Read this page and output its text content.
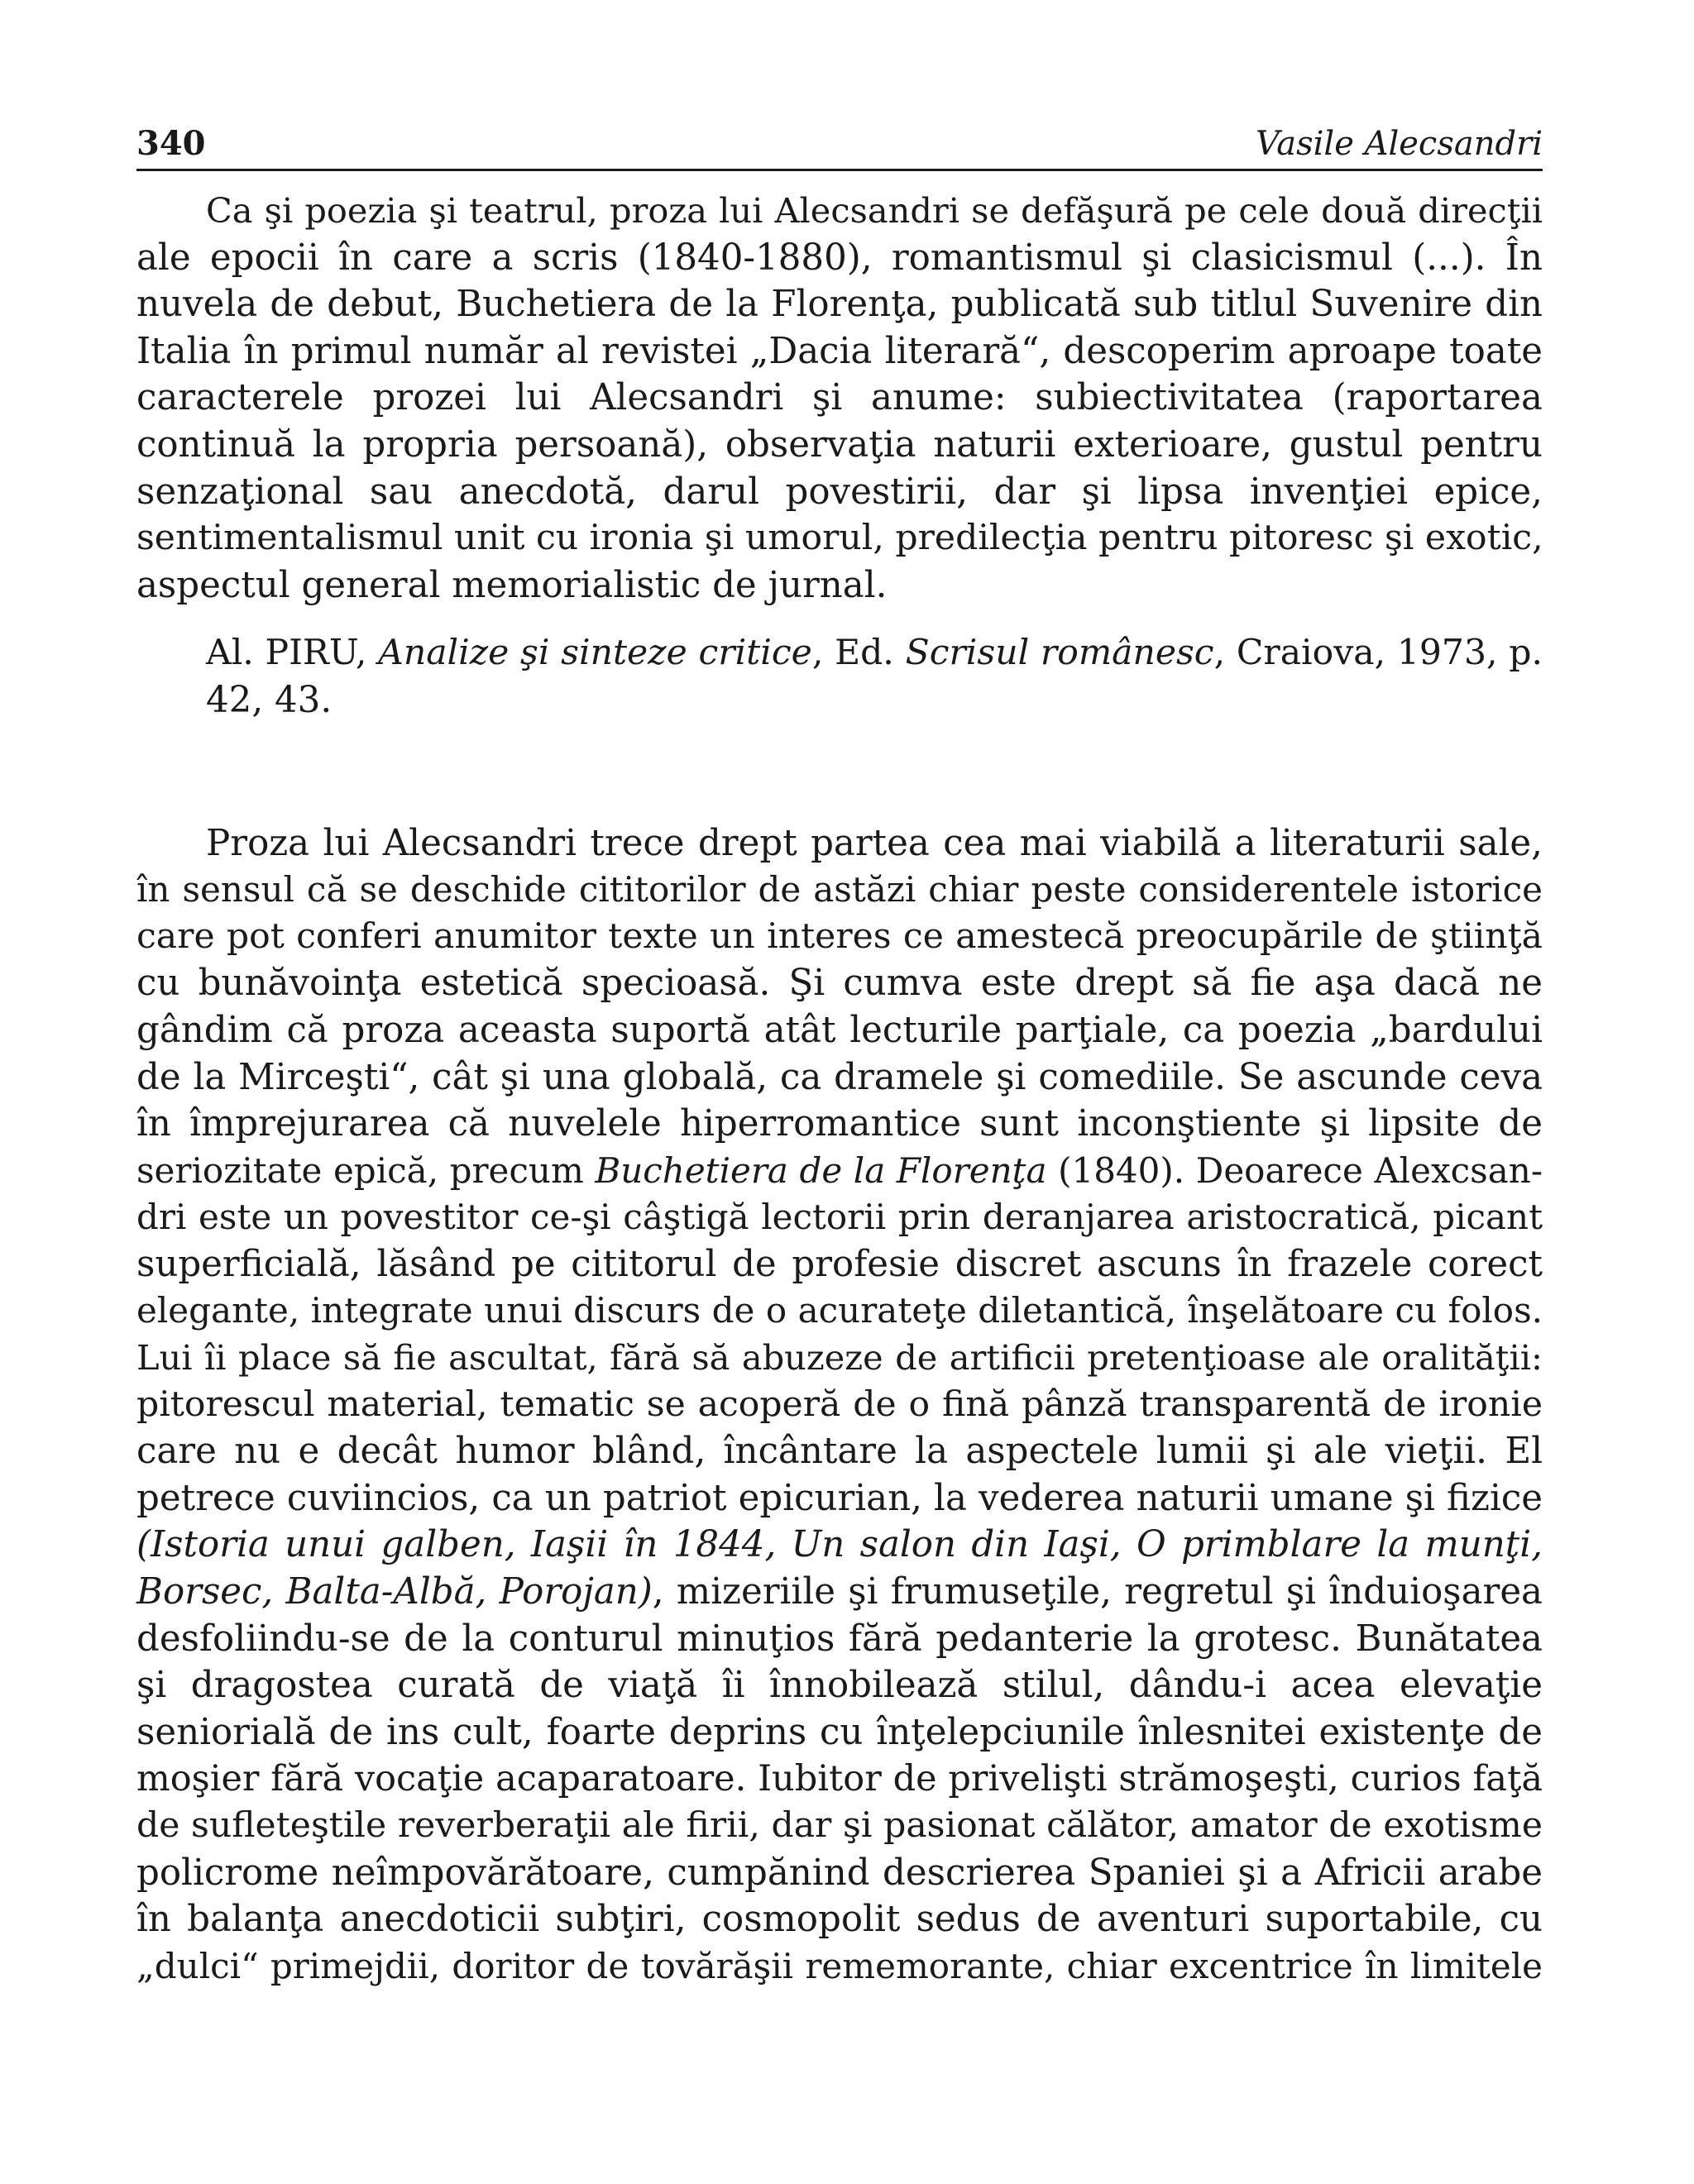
340	Vasile Alecsandri

Ca şi poezia şi teatrul, proza lui Alecsandri se defăşură pe cele două direcţii
ale epocii în care a scris (1840-1880), romantismul şi clasicismul (...). În
nuvela de debut, Buchetiera de la Florenţa, publicată sub titlul Suvenire din
Italia în primul număr al revistei „Dacia literară“, descoperim aproape toate
caracterele prozei lui Alecsandri şi anume: subiectivitatea (raportarea
continuă la propria persoană), observaţia naturii exterioare, gustul pentru
senzaţional sau anecdotă, darul povestirii, dar şi lipsa invenţiei epice,
sentimentalismul unit cu ironia şi umorul, predilecţia pentru pitoresc şi exotic,
aspectul general memorialistic de jurnal.

Al. PIRU, Analize şi sinteze critice, Ed. Scrisul românesc, Craiova, 1973, p.
42, 43.

Proza lui Alecsandri trece drept partea cea mai viabilă a literaturii sale,
în sensul că se deschide cititorilor de astăzi chiar peste considerentele istorice
care pot conferi anumitor texte un interes ce amestecă preocupările de ştiinţă
cu bunăvoinţa estetică specioasă. Şi cumva este drept să fie aşa dacă ne
gândim că proza aceasta suportă atât lecturile parţiale, ca poezia „bardului
de la Mirceşti“, cât şi una globală, ca dramele şi comediile. Se ascunde ceva
în împrejurarea că nuvelele hiperromantice sunt inconştiente şi lipsite de
seriozitate epică, precum Buchetiera de la Florenţa (1840). Deoarece Alexcsan-
dri este un povestitor ce-şi câştigă lectorii prin deranjarea aristocratică, picant
superficială, lăsând pe cititorul de profesie discret ascuns în frazele corect
elegante, integrate unui discurs de o acurateţe diletantică, înşelătoare cu folos.
Lui îi place să fie ascultat, fără să abuzeze de artificii pretenţioase ale oralităţii:
pitorescul material, tematic se acoperă de o fină pânză transparentă de ironie
care nu e decât humor blând, încântare la aspectele lumii şi ale vieţii. El
petrece cuviincios, ca un patriot epicurian, la vederea naturii umane şi fizice
(Istoria unui galben, Iaşii în 1844, Un salon din Iaşi, O primblare la munţi,
Borsec, Balta-Albă, Porojan), mizeriile şi frumuseţile, regretul şi înduioşarea
desfoliindu-se de la conturul minuţios fără pedanterie la grotesc. Bunătatea
şi dragostea curată de viaţă îi înnobilează stilul, dându-i acea elevaţie
seniorială de ins cult, foarte deprins cu înţelepciunile înlesnitei existenţe de
moşier fără vocaţie acaparatoare. Iubitor de privelişti strămoşeşti, curios faţă
de sufleteştile reverberaţii ale firii, dar şi pasionat călător, amator de exotisme
policrome neîmpovărătoare, cumpănind descrierea Spaniei şi a Africii arabe
în balanţa anecdoticii subţiri, cosmopolit sedus de aventuri suportabile, cu
„dulci“ primejdii, doritor de tovărăşii rememorante, chiar excentrice în limitele
